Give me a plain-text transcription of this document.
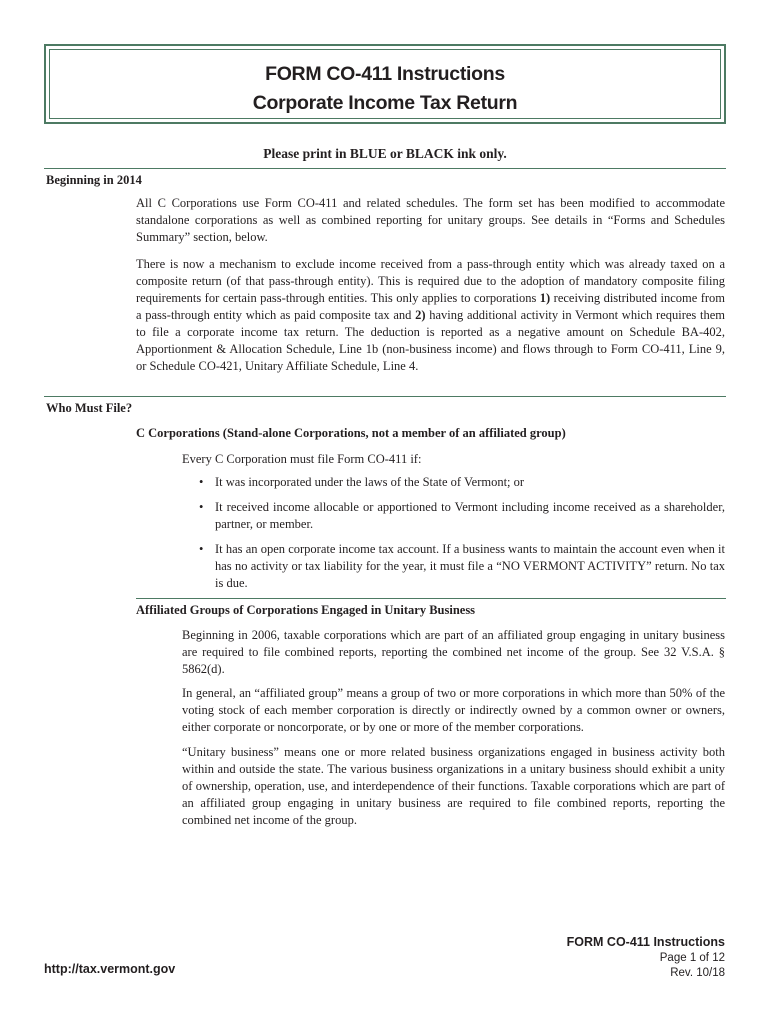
FORM CO-411 Instructions
Corporate Income Tax Return
Please print in BLUE or BLACK ink only.
Beginning in 2014

All C Corporations use Form CO-411 and related schedules. The form set has been modified to accommodate standalone corporations as well as combined reporting for unitary groups. See details in “Forms and Schedules Summary” section, below.

There is now a mechanism to exclude income received from a pass-through entity which was already taxed on a composite return (of that pass-through entity). This is required due to the adoption of mandatory composite filing requirements for certain pass-through entities. This only applies to corporations 1) receiving distributed income from a pass-through entity which as paid composite tax and 2) having additional activity in Vermont which requires them to file a corporate income tax return. The deduction is reported as a negative amount on Schedule BA-402, Apportionment & Allocation Schedule, Line 1b (non-business income) and flows through to Form CO-411, Line 9, or Schedule CO-421, Unitary Affiliate Schedule, Line 4.

Who Must File?
C Corporations (Stand-alone Corporations, not a member of an affiliated group)

Every C Corporation must file Form CO-411 if:

• It was incorporated under the laws of the State of Vermont; or
• It received income allocable or apportioned to Vermont including income received as a shareholder, partner, or member.
• It has an open corporate income tax account. If a business wants to maintain the account even when it has no activity or tax liability for the year, it must file a “NO VERMONT ACTIVITY” return. No tax is due.
Affiliated Groups of Corporations Engaged in Unitary Business

Beginning in 2006, taxable corporations which are part of an affiliated group engaging in unitary business are required to file combined reports, reporting the combined net income of the group. See 32 V.S.A. § 5862(d).

In general, an “affiliated group” means a group of two or more corporations in which more than 50% of the voting stock of each member corporation is directly or indirectly owned by a common owner or owners, either corporate or noncorporate, or by one or more of the member corporations.

“Unitary business” means one or more related business organizations engaged in business activity both within and outside the state. The various business organizations in a unitary business should exhibit a unity of ownership, operation, use, and interdependence of their functions. Taxable corporations which are part of an affiliated group engaging in unitary business are required to file combined reports, reporting the combined net income of the group.

http://tax.vermont.gov
FORM CO-411 Instructions
Page 1 of 12
Rev. 10/18
